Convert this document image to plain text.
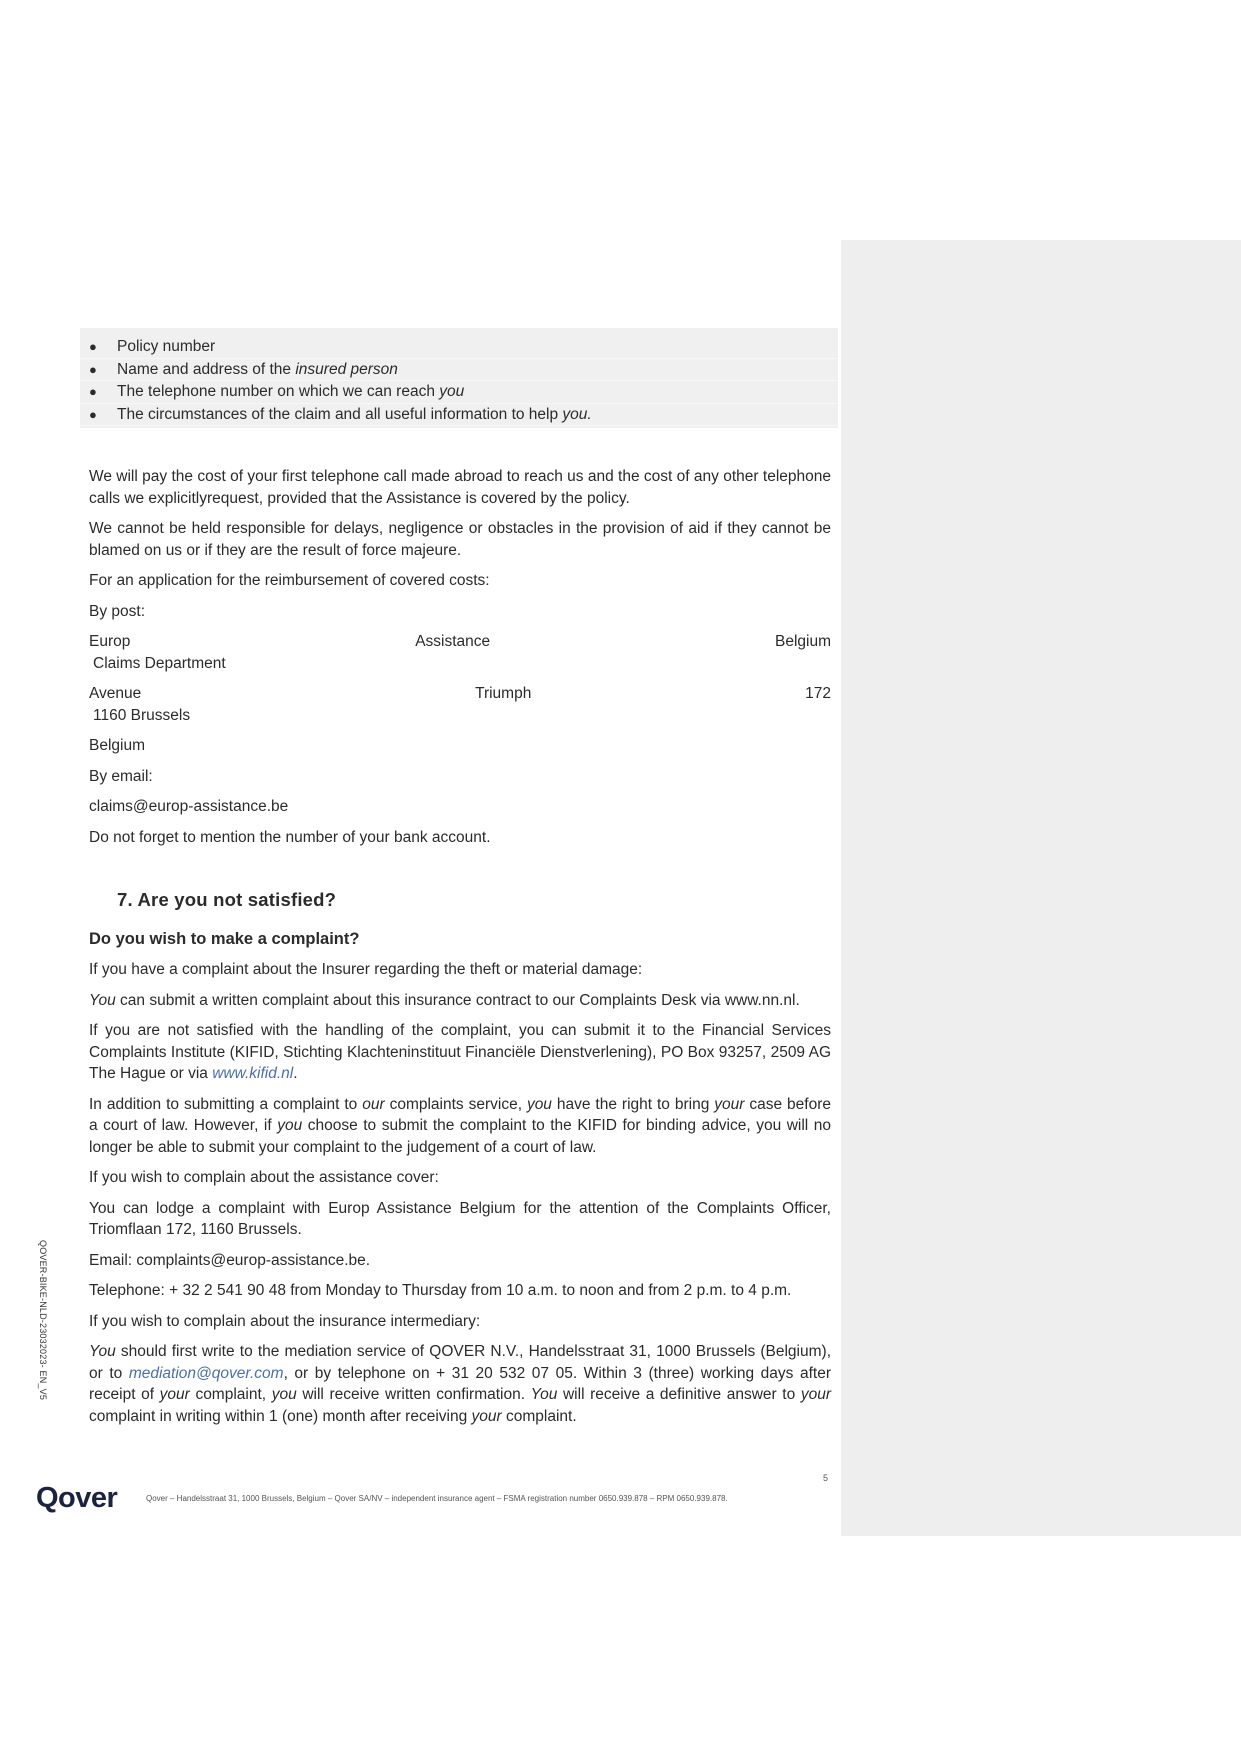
● Policy number
● Name and address of the insured person
● The telephone number on which we can reach you
● The circumstances of the claim and all useful information to help you.

We will pay the cost of your first telephone call made abroad to reach us and the cost of any other telephone calls we explicitlyrequest, provided that the Assistance is covered by the policy.

We cannot be held responsible for delays, negligence or obstacles in the provision of aid if they cannot be blamed on us or if they are the result of force majeure.

For an application for the reimbursement of covered costs:

By post:

Europ	Assistance	Belgium
Claims Department
Avenue	Triumph	172
1160 Brussels

Belgium

By email:

claims@europ-assistance.be

Do not forget to mention the number of your bank account.

7. Are you not satisfied?
Do you wish to make a complaint?

If you have a complaint about the Insurer regarding the theft or material damage:

You can submit a written complaint about this insurance contract to our Complaints Desk via www.nn.nl.

If you are not satisfied with the handling of the complaint, you can submit it to the Financial Services Complaints Institute (KIFID, Stichting Klachteninstituut Financiële Dienstverlening), PO Box 93257, 2509 AG The Hague or via www.kifid.nl.

In addition to submitting a complaint to our complaints service, you have the right to bring your case before a court of law. However, if you choose to submit the complaint to the KIFID for binding advice, you will no longer be able to submit your complaint to the judgement of a court of law.

If you wish to complain about the assistance cover:

You can lodge a complaint with Europ Assistance Belgium for the attention of the Complaints Officer, Triomflaan 172, 1160 Brussels.

Email: complaints@europ-assistance.be.

Telephone: + 32 2 541 90 48 from Monday to Thursday from 10 a.m. to noon and from 2 p.m. to 4 p.m.

If you wish to complain about the insurance intermediary:

You should first write to the mediation service of QOVER N.V., Handelsstraat 31, 1000 Brussels (Belgium), or to mediation@qover.com, or by telephone on + 31 20 532 07 05. Within 3 (three) working days after receipt of your complaint, you will receive written confirmation. You will receive a definitive answer to your complaint in writing within 1 (one) month after receiving your complaint.

QOVER-BIKE-NLD-23032023- EN_V5
5
Qover	Qover – Handelsstraat 31, 1000 Brussels, Belgium – Qover SA/NV – independent insurance agent – FSMA registration number 0650.939.878 – RPM 0650.939.878.
